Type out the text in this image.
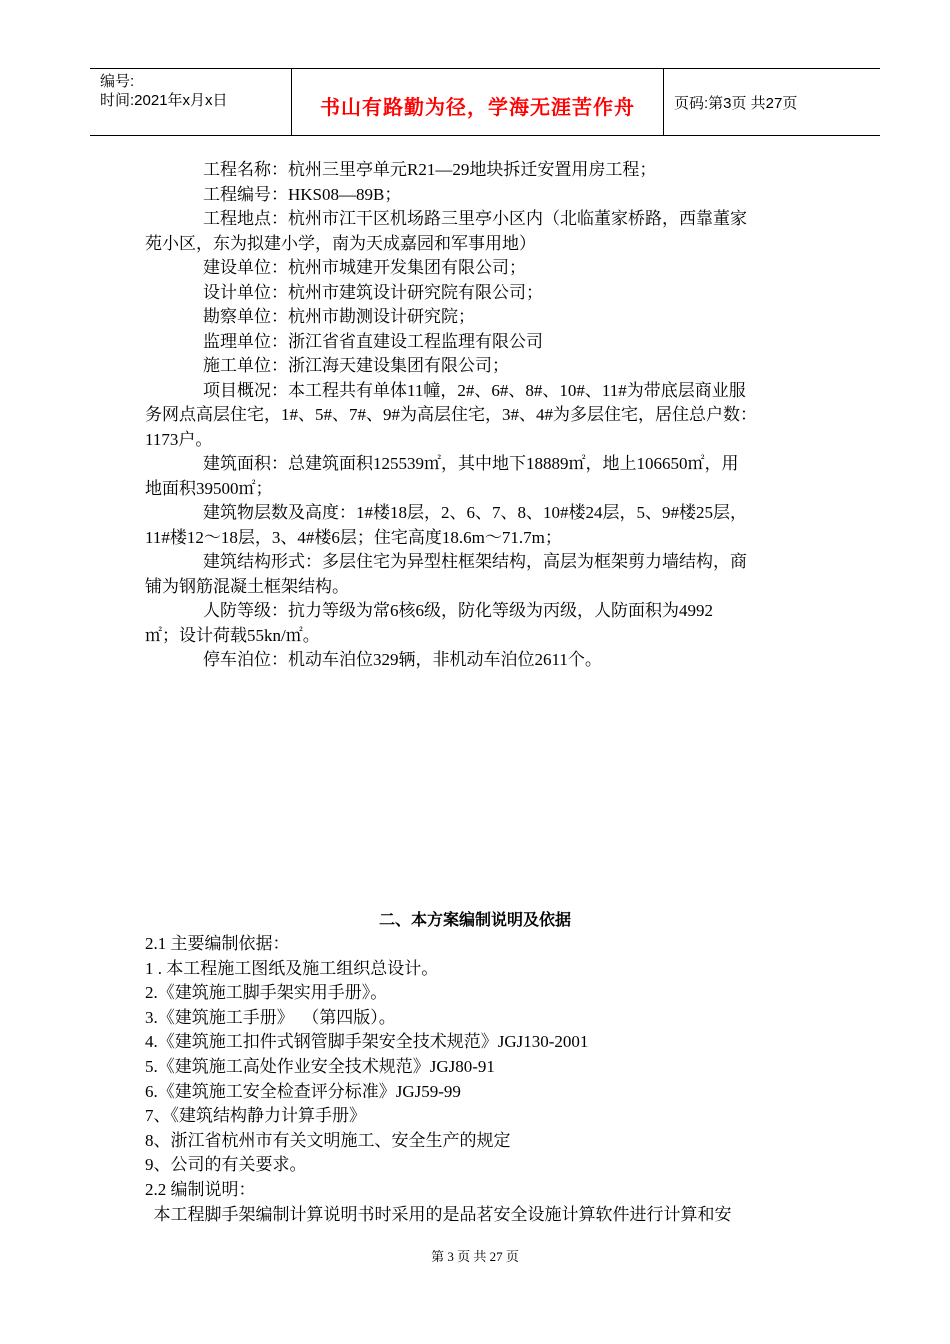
编号:
时间:2021年x月x日	书山有路勤为径，学海无涯苦作舟	页码:第3页 共27页

工程名称：杭州三里亭单元R21—29地块拆迁安置用房工程；

工程编号：HKS08—89B；

工程地点：杭州市江干区机场路三里亭小区内（北临董家桥路，西靠董家

苑小区，东为拟建小学，南为天成嘉园和军事用地）

建设单位：杭州市城建开发集团有限公司；

设计单位：杭州市建筑设计研究院有限公司；

勘察单位：杭州市勘测设计研究院；

监理单位：浙江省省直建设工程监理有限公司

施工单位：浙江海天建设集团有限公司；

项目概况：本工程共有单体11幢，2#、6#、8#、10#、11#为带底层商业服

务网点高层住宅，1#、5#、7#、9#为高层住宅，3#、4#为多层住宅，居住总户数：

1173户。

建筑面积：总建筑面积125539㎡，其中地下18889㎡，地上106650㎡，用

地面积39500㎡；

建筑物层数及高度：1#楼18层，2、6、7、8、10#楼24层，5、9#楼25层，

11#楼12～18层，3、4#楼6层；住宅高度18.6m～71.7m；

建筑结构形式：多层住宅为异型柱框架结构，高层为框架剪力墙结构，商

铺为钢筋混凝土框架结构。

人防等级：抗力等级为常6核6级，防化等级为丙级，人防面积为4992

㎡；设计荷载55kn/㎡。

停车泊位：机动车泊位329辆，非机动车泊位2611个。

二、本方案编制说明及依据

2.1 主要编制依据：

1 . 本工程施工图纸及施工组织总设计。

2.《建筑施工脚手架实用手册》。

3.《建筑施工手册》  （第四版）。

4.《建筑施工扣件式钢管脚手架安全技术规范》JGJ130-2001

5.《建筑施工高处作业安全技术规范》JGJ80-91

6.《建筑施工安全检查评分标准》JGJ59-99

7、《建筑结构静力计算手册》

8、浙江省杭州市有关文明施工、安全生产的规定

9、公司的有关要求。

2.2 编制说明：

本工程脚手架编制计算说明书时采用的是品茗安全设施计算软件进行计算和安

第 3 页 共 27 页
